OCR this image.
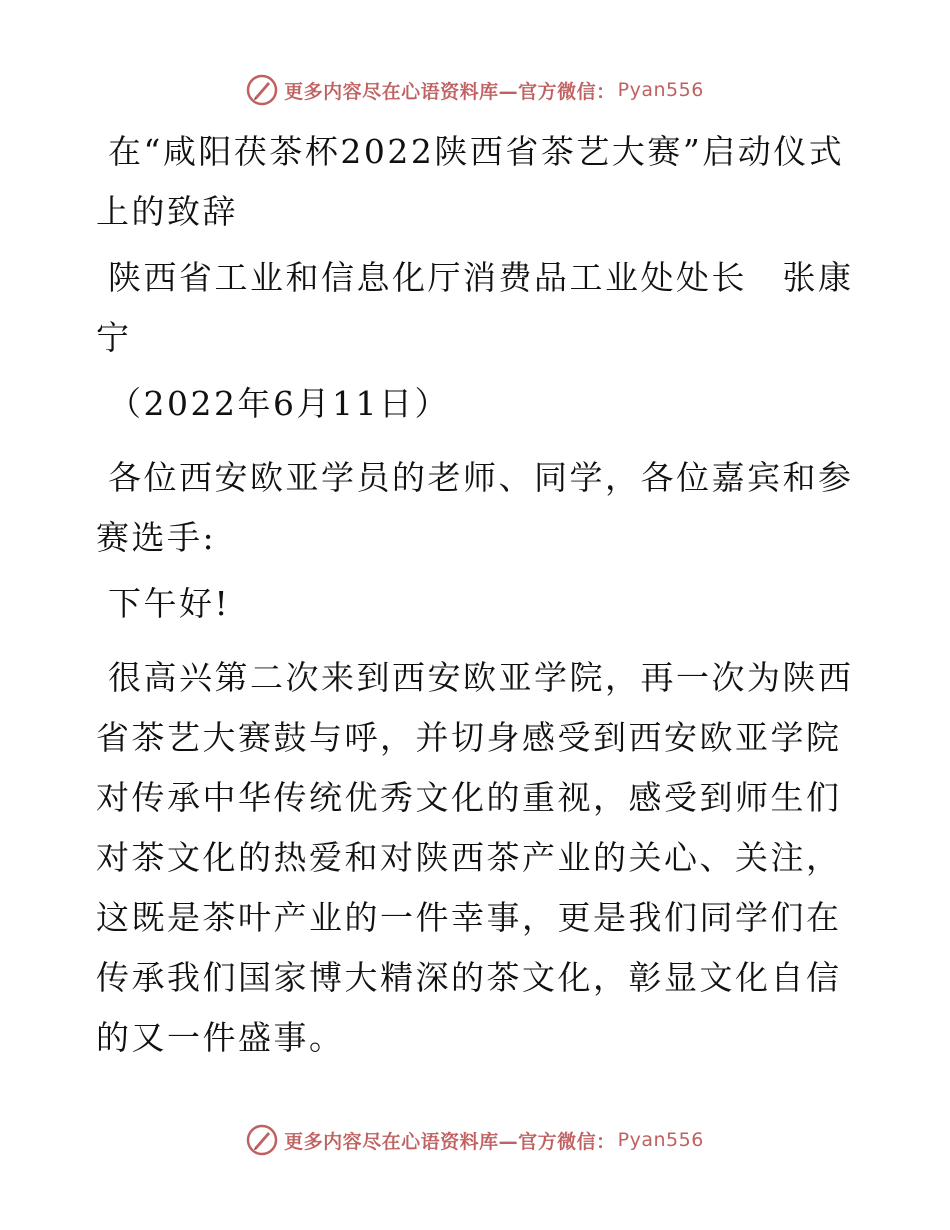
更多内容尽在心语资料库—官方微信： Pyan556

在“咸阳茯茶杯2022陕西省茶艺大赛”启动仪式上的致辞

陕西省工业和信息化厅消费品工业处处长　张康宁

（2022年6月11日）

各位西安欧亚学员的老师、同学，各位嘉宾和参赛选手:

下午好!

很高兴第二次来到西安欧亚学院，再一次为陕西省茶艺大赛鼓与呼，并切身感受到西安欧亚学院对传承中华传统优秀文化的重视，感受到师生们对茶文化的热爱和对陕西茶产业的关心、关注，这既是茶叶产业的一件幸事，更是我们同学们在传承我们国家博大精深的茶文化，彰显文化自信的又一件盛事。

更多内容尽在心语资料库—官方微信： Pyan556
